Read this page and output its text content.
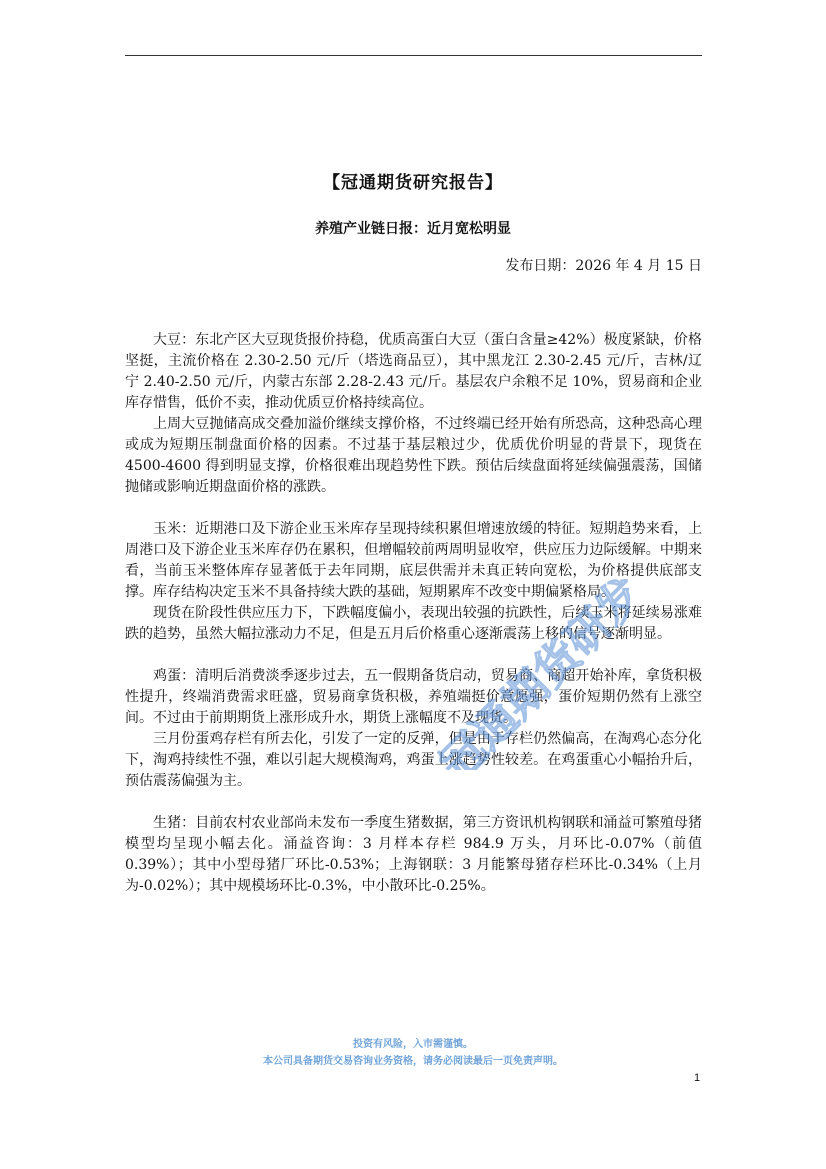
【冠通期货研究报告】
养殖产业链日报：近月宽松明显
发布日期：2026 年 4 月 15 日

大豆：东北产区大豆现货报价持稳，优质高蛋白大豆（蛋白含量≥42%）极度紧缺，价格坚挺，主流价格在 2.30-2.50 元/斤（塔选商品豆），其中黑龙江 2.30-2.45 元/斤，吉林/辽宁 2.40-2.50 元/斤，内蒙古东部 2.28-2.43 元/斤。基层农户余粮不足 10%，贸易商和企业库存惜售，低价不卖，推动优质豆价格持续高位。

上周大豆抛储高成交叠加溢价继续支撑价格，不过终端已经开始有所恐高，这种恐高心理或成为短期压制盘面价格的因素。不过基于基层粮过少，优质优价明显的背景下，现货在 4500-4600 得到明显支撑，价格很难出现趋势性下跌。预估后续盘面将延续偏强震荡，国储抛储或影响近期盘面价格的涨跌。

玉米：近期港口及下游企业玉米库存呈现持续积累但增速放缓的特征。短期趋势来看，上周港口及下游企业玉米库存仍在累积，但增幅较前两周明显收窄，供应压力边际缓解。中期来看，当前玉米整体库存显著低于去年同期，底层供需并未真正转向宽松，为价格提供底部支撑。库存结构决定玉米不具备持续大跌的基础，短期累库不改变中期偏紧格局。

现货在阶段性供应压力下，下跌幅度偏小，表现出较强的抗跌性，后续玉米将延续易涨难跌的趋势，虽然大幅拉涨动力不足，但是五月后价格重心逐渐震荡上移的信号逐渐明显。

鸡蛋：清明后消费淡季逐步过去，五一假期备货启动，贸易商、商超开始补库，拿货积极性提升，终端消费需求旺盛，贸易商拿货积极，养殖端挺价意愿强，蛋价短期仍然有上涨空间。不过由于前期期货上涨形成升水，期货上涨幅度不及现货。

三月份蛋鸡存栏有所去化，引发了一定的反弹，但是由于存栏仍然偏高，在淘鸡心态分化下，淘鸡持续性不强，难以引起大规模淘鸡，鸡蛋上涨趋势性较差。在鸡蛋重心小幅抬升后，预估震荡偏强为主。

生猪：目前农村农业部尚未发布一季度生猪数据，第三方资讯机构钢联和涌益可繁殖母猪模型均呈现小幅去化。涌益咨询：3 月样本存栏 984.9 万头，月环比-0.07%（前值 0.39%）；其中小型母猪厂环比-0.53%；上海钢联：3 月能繁母猪存栏环比-0.34%（上月为-0.02%）；其中规模场环比-0.3%，中小散环比-0.25%。

冠通期货研发
投资有风险，入市需谨慎。
本公司具备期货交易咨询业务资格，请务必阅读最后一页免责声明。
1
